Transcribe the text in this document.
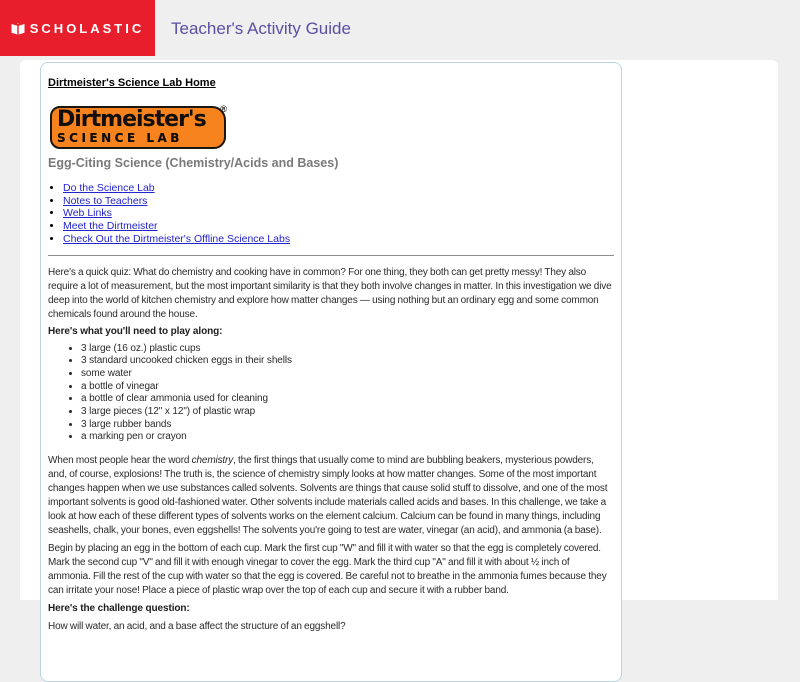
SCHOLASTIC Teacher's Activity Guide
Dirtmeister's Science Lab Home
Dirtmeister's
SCIENCE LAB
®
Egg-Citing Science (Chemistry/Acids and Bases)
• Do the Science Lab
• Notes to Teachers
• Web Links
• Meet the Dirtmeister
• Check Out the Dirtmeister's Offline Science Labs

Here's a quick quiz: What do chemistry and cooking have in common? For one thing, they both can get pretty messy! They also require a lot of measurement, but the most important similarity is that they both involve changes in matter. In this investigation we dive deep into the world of kitchen chemistry and explore how matter changes — using nothing but an ordinary egg and some common chemicals found around the house.

Here's what you'll need to play along:
• 3 large (16 oz.) plastic cups
• 3 standard uncooked chicken eggs in their shells
• some water
• a bottle of vinegar
• a bottle of clear ammonia used for cleaning
• 3 large pieces (12" x 12") of plastic wrap
• 3 large rubber bands
• a marking pen or crayon

When most people hear the word chemistry, the first things that usually come to mind are bubbling beakers, mysterious powders, and, of course, explosions! The truth is, the science of chemistry simply looks at how matter changes. Some of the most important changes happen when we use substances called solvents. Solvents are things that cause solid stuff to dissolve, and one of the most important solvents is good old-fashioned water. Other solvents include materials called acids and bases. In this challenge, we take a look at how each of these different types of solvents works on the element calcium. Calcium can be found in many things, including seashells, chalk, your bones, even eggshells! The solvents you're going to test are water, vinegar (an acid), and ammonia (a base).

Begin by placing an egg in the bottom of each cup. Mark the first cup "W" and fill it with water so that the egg is completely covered. Mark the second cup "V" and fill it with enough vinegar to cover the egg. Mark the third cup "A" and fill it with about ½ inch of ammonia. Fill the rest of the cup with water so that the egg is covered. Be careful not to breathe in the ammonia fumes because they can irritate your nose! Place a piece of plastic wrap over the top of each cup and secure it with a rubber band.

Here's the challenge question:

How will water, an acid, and a base affect the structure of an eggshell?
